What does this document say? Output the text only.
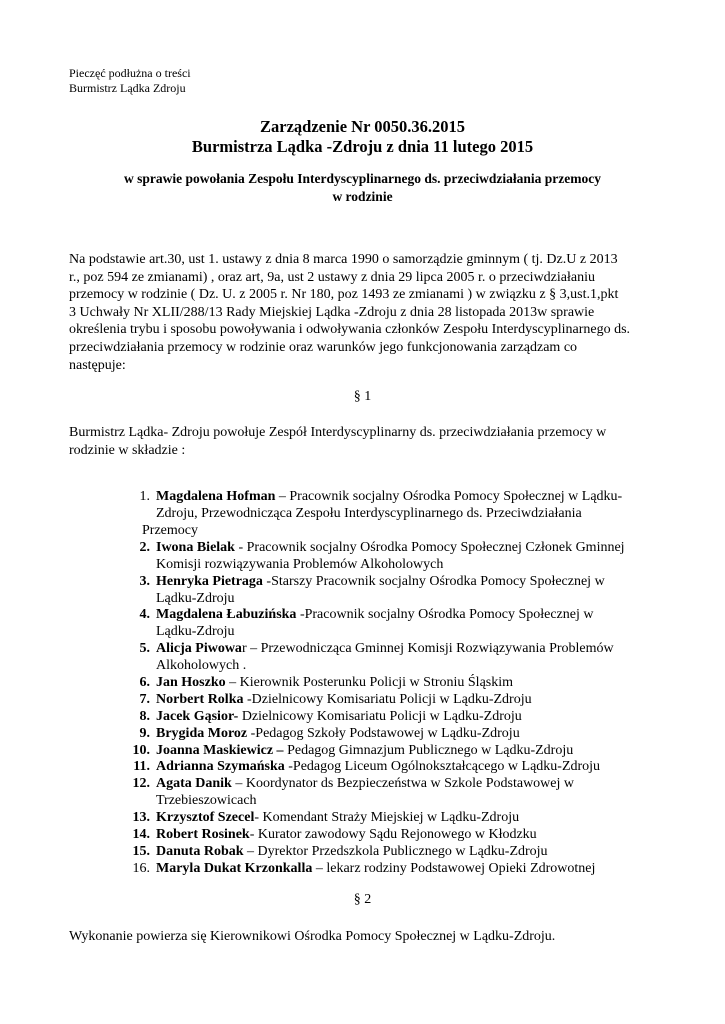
Pieczęć podłużna o treści
Burmistrz Lądka Zdroju
Zarządzenie Nr 0050.36.2015
Burmistrza Lądka -Zdroju z dnia 11 lutego 2015
w sprawie powołania Zespołu Interdyscyplinarnego ds. przeciwdziałania przemocy
w rodzinie
Na podstawie art.30, ust 1. ustawy z dnia 8 marca 1990 o samorządzie gminnym ( tj. Dz.U z 2013
r., poz 594 ze zmianami) , oraz art, 9a, ust 2 ustawy z dnia 29 lipca 2005 r. o przeciwdziałaniu
przemocy w rodzinie ( Dz. U. z 2005 r. Nr 180, poz 1493 ze zmianami ) w związku z § 3,ust.1,pkt
3 Uchwały Nr XLII/288/13 Rady Miejskiej Lądka -Zdroju z dnia 28 listopada 2013w sprawie
określenia trybu i sposobu powoływania i odwoływania członków Zespołu Interdyscyplinarnego ds.
przeciwdziałania przemocy w rodzinie oraz warunków jego funkcjonowania zarządzam co
następuje:
§ 1
Burmistrz Lądka- Zdroju powołuje Zespół Interdyscyplinarny ds. przeciwdziałania przemocy w
rodzinie w składzie :
1. Magdalena Hofman – Pracownik socjalny Ośrodka Pomocy Społecznej w Lądku-
Zdroju, Przewodnicząca Zespołu Interdyscyplinarnego ds. Przeciwdziałania
Przemocy
2. Iwona Bielak - Pracownik socjalny Ośrodka Pomocy Społecznej Członek Gminnej
Komisji rozwiązywania Problemów Alkoholowych
3. Henryka Pietraga -Starszy Pracownik socjalny Ośrodka Pomocy Społecznej w
Lądku-Zdroju
4. Magdalena Łabuzińska -Pracownik socjalny Ośrodka Pomocy Społecznej w
Lądku-Zdroju
5. Alicja Piwowar – Przewodnicząca Gminnej Komisji Rozwiązywania Problemów
Alkoholowych .
6. Jan Hoszko – Kierownik Posterunku Policji w Stroniu Śląskim
7. Norbert Rolka -Dzielnicowy Komisariatu Policji w Lądku-Zdroju
8. Jacek Gąsior- Dzielnicowy Komisariatu Policji w Lądku-Zdroju
9. Brygida Moroz -Pedagog Szkoły Podstawowej w Lądku-Zdroju
10. Joanna Maskiewicz – Pedagog Gimnazjum Publicznego w Lądku-Zdroju
11. Adrianna Szymańska -Pedagog Liceum Ogólnokształcącego w Lądku-Zdroju
12. Agata Danik – Koordynator ds Bezpieczeństwa w Szkole Podstawowej w
Trzebieszowicach
13. Krzysztof Szecel- Komendant Straży Miejskiej w Lądku-Zdroju
14. Robert Rosinek- Kurator zawodowy Sądu Rejonowego w Kłodzku
15. Danuta Robak – Dyrektor Przedszkola Publicznego w Lądku-Zdroju
16. Maryla Dukat Krzonkalla – lekarz rodziny Podstawowej Opieki Zdrowotnej
§ 2
Wykonanie powierza się Kierownikowi Ośrodka Pomocy Społecznej w Lądku-Zdroju.
